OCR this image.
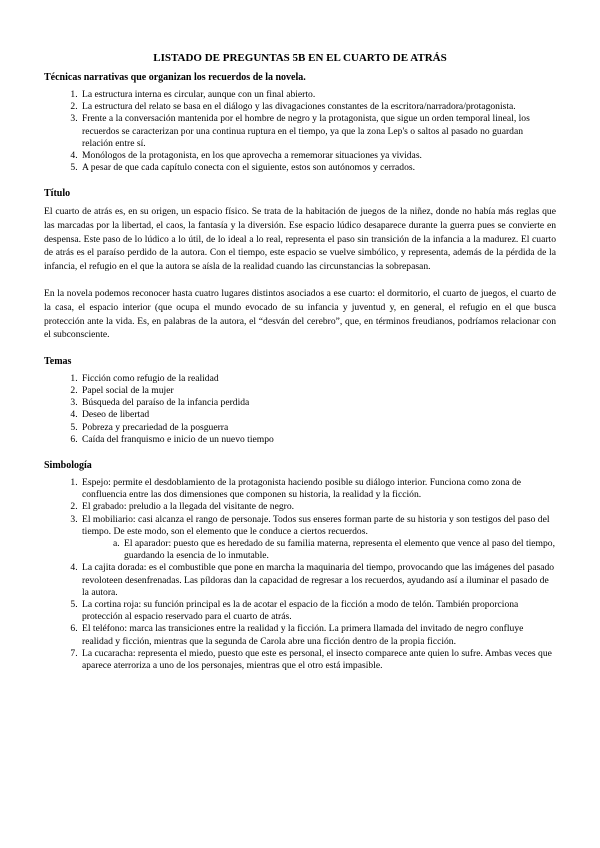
LISTADO DE PREGUNTAS 5B EN EL CUARTO DE ATRÁS
Técnicas narrativas que organizan los recuerdos de la novela.
1. La estructura interna es circular, aunque con un final abierto.
2. La estructura del relato se basa en el diálogo y las divagaciones constantes de la escritora/narradora/protagonista.
3. Frente a la conversación mantenida por el hombre de negro y la protagonista, que sigue un orden temporal lineal, los recuerdos se caracterizan por una continua ruptura en el tiempo, ya que la zona Lep's o saltos al pasado no guardan relación entre sí.
4. Monólogos de la protagonista, en los que aprovecha a rememorar situaciones ya vividas.
5. A pesar de que cada capítulo conecta con el siguiente, estos son autónomos y cerrados.
Título

El cuarto de atrás es, en su origen, un espacio físico. Se trata de la habitación de juegos de la niñez, donde no había más reglas que las marcadas por la libertad, el caos, la fantasía y la diversión. Ese espacio lúdico desaparece durante la guerra pues se convierte en despensa. Este paso de lo lúdico a lo útil, de lo ideal a lo real, representa el paso sin transición de la infancia a la madurez. El cuarto de atrás es el paraíso perdido de la autora. Con el tiempo, este espacio se vuelve simbólico, y representa, además de la pérdida de la infancia, el refugio en el que la autora se aísla de la realidad cuando las circunstancias la sobrepasan.

En la novela podemos reconocer hasta cuatro lugares distintos asociados a ese cuarto: el dormitorio, el cuarto de juegos, el cuarto de la casa, el espacio interior (que ocupa el mundo evocado de su infancia y juventud y, en general, el refugio en el que busca protección ante la vida. Es, en palabras de la autora, el “desván del cerebro”, que, en términos freudianos, podríamos relacionar con el subconsciente.

Temas
1. Ficción como refugio de la realidad
2. Papel social de la mujer
3. Búsqueda del paraíso de la infancia perdida
4. Deseo de libertad
5. Pobreza y precariedad de la posguerra
6. Caída del franquismo e inicio de un nuevo tiempo
Simbología
1. Espejo: permite el desdoblamiento de la protagonista haciendo posible su diálogo interior. Funciona como zona de confluencia entre las dos dimensiones que componen su historia, la realidad y la ficción.
2. El grabado: preludio a la llegada del visitante de negro.
3. El mobiliario: casi alcanza el rango de personaje. Todos sus enseres forman parte de su historia y son testigos del paso del tiempo. De este modo, son el elemento que le conduce a ciertos recuerdos.
a. El aparador: puesto que es heredado de su familia materna, representa el elemento que vence al paso del tiempo, guardando la esencia de lo inmutable.
4. La cajita dorada: es el combustible que pone en marcha la maquinaria del tiempo, provocando que las imágenes del pasado revoloteen desenfrenadas. Las píldoras dan la capacidad de regresar a los recuerdos, ayudando así a iluminar el pasado de la autora.
5. La cortina roja: su función principal es la de acotar el espacio de la ficción a modo de telón. También proporciona protección al espacio reservado para el cuarto de atrás.
6. El teléfono: marca las transiciones entre la realidad y la ficción. La primera llamada del invitado de negro confluye realidad y ficción, mientras que la segunda de Carola abre una ficción dentro de la propia ficción.
7. La cucaracha: representa el miedo, puesto que este es personal, el insecto comparece ante quien lo sufre. Ambas veces que aparece aterroriza a uno de los personajes, mientras que el otro está impasible.
